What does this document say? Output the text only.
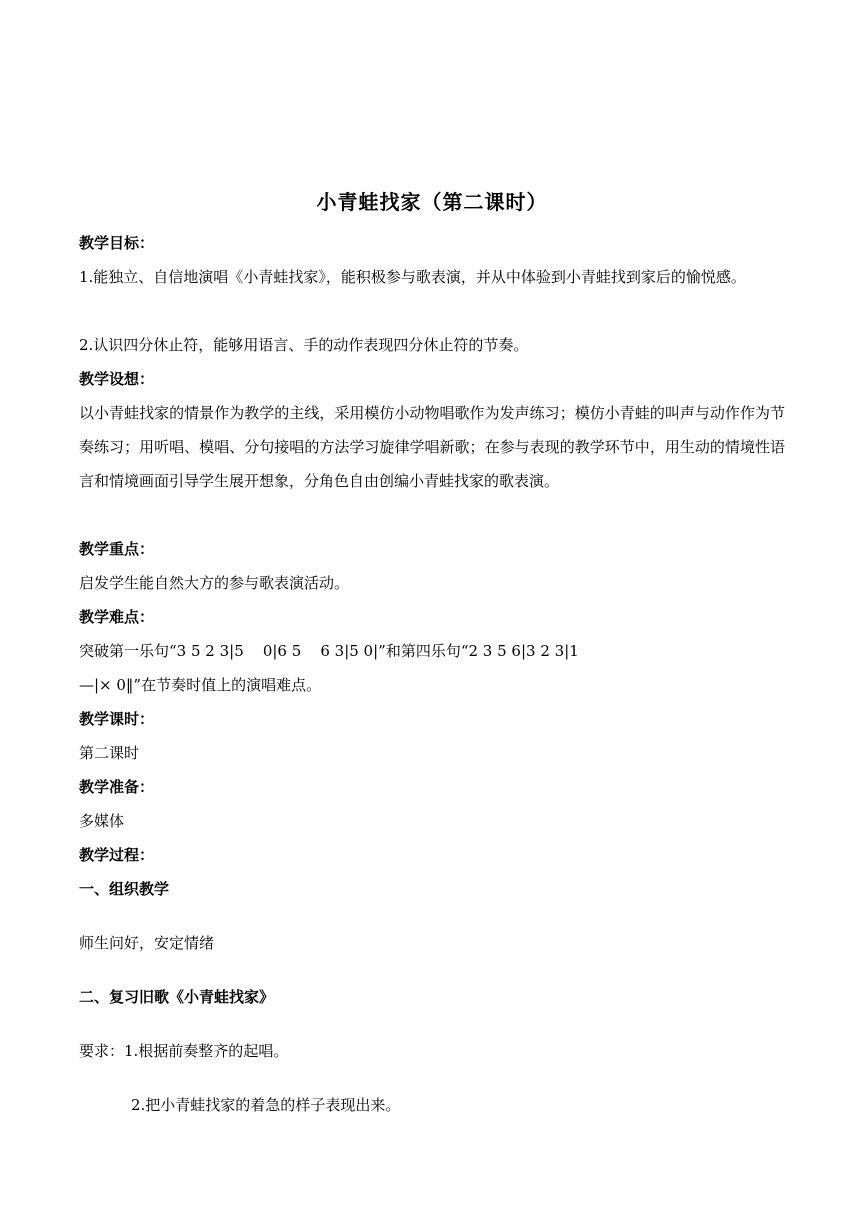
小青蛙找家（第二课时）
教学目标：
1.能独立、自信地演唱《小青蛙找家》，能积极参与歌表演，并从中体验到小青蛙找到家后的愉悦感。
2.认识四分休止符，能够用语言、手的动作表现四分休止符的节奏。
教学设想：
以小青蛙找家的情景作为教学的主线，采用模仿小动物唱歌作为发声练习；模仿小青蛙的叫声与动作作为节奏练习；用听唱、模唱、分句接唱的方法学习旋律学唱新歌；在参与表现的教学环节中，用生动的情境性语言和情境画面引导学生展开想象，分角色自由创编小青蛙找家的歌表演。
教学重点：
启发学生能自然大方的参与歌表演活动。
教学难点：
突破第一乐句“3 5 2 3|5    0|6 5    6 3|5 0|”和第四乐句“2 3 5 6|3 2 3|1
—|× 0‖”在节奏时值上的演唱难点。
教学课时：
第二课时
教学准备：
多媒体
教学过程：
一、组织教学
师生问好，安定情绪
二、复习旧歌《小青蛙找家》
要求：1.根据前奏整齐的起唱。
2.把小青蛙找家的着急的样子表现出来。
